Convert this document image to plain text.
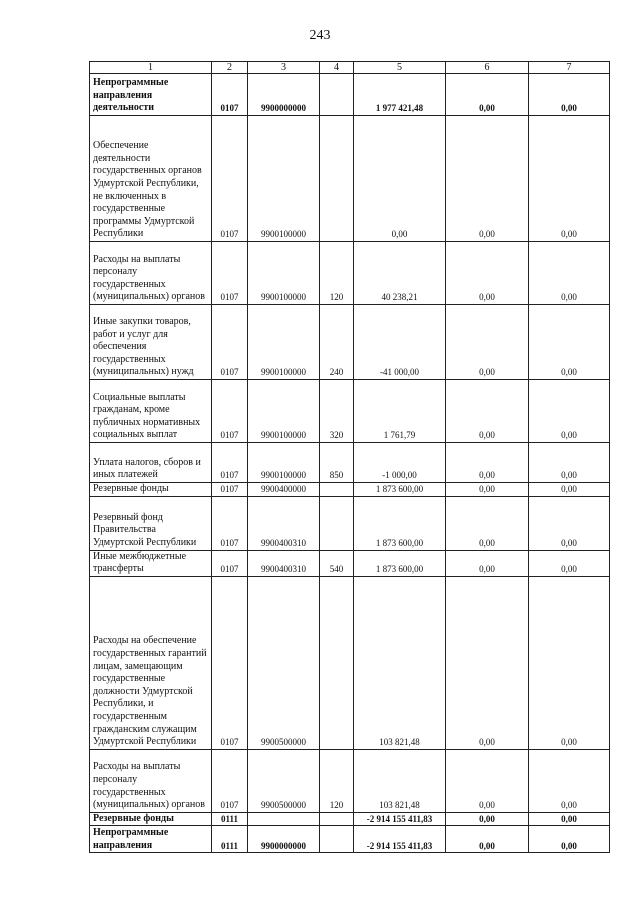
243
1	2	3	4	5	6	7
Непрограммные направления деятельности	0107	9900000000		1 977 421,48	0,00	0,00
Обеспечение деятельности государственных органов Удмуртской Республики, не включенных в государственные программы Удмуртской Республики	0107	9900100000		0,00	0,00	0,00
Расходы на выплаты персоналу государственных (муниципальных) органов	0107	9900100000	120	40 238,21	0,00	0,00
Иные закупки товаров, работ и услуг для обеспечения государственных (муниципальных) нужд	0107	9900100000	240	-41 000,00	0,00	0,00
Социальные выплаты гражданам, кроме публичных нормативных социальных выплат	0107	9900100000	320	1 761,79	0,00	0,00
Уплата налогов, сборов и иных платежей	0107	9900100000	850	-1 000,00	0,00	0,00
Резервные фонды	0107	9900400000		1 873 600,00	0,00	0,00
Резервный фонд Правительства Удмуртской Республики	0107	9900400310		1 873 600,00	0,00	0,00
Иные межбюджетные трансферты	0107	9900400310	540	1 873 600,00	0,00	0,00
Расходы на обеспечение государственных гарантий лицам, замещающим государственные должности Удмуртской Республики, и государственным гражданским служащим Удмуртской Республики	0107	9900500000		103 821,48	0,00	0,00
Расходы на выплаты персоналу государственных (муниципальных) органов	0107	9900500000	120	103 821,48	0,00	0,00
Резервные фонды	0111			-2 914 155 411,83	0,00	0,00
Непрограммные направления	0111	9900000000		-2 914 155 411,83	0,00	0,00
